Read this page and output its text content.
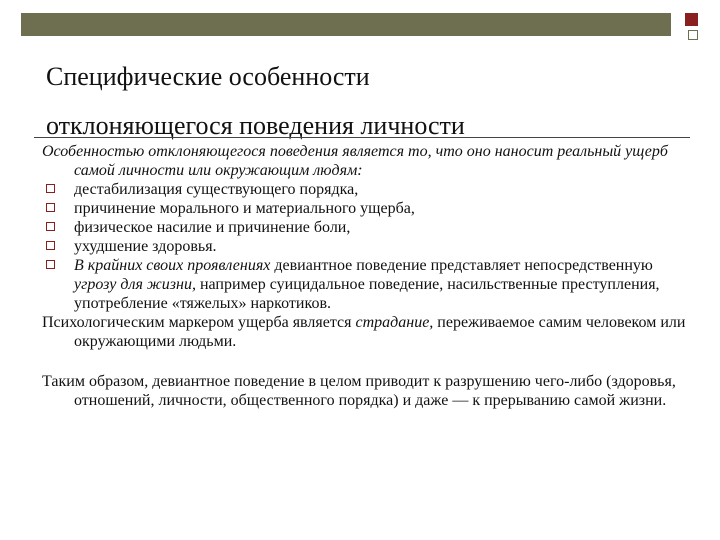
Специфические особенности
отклоняющегося поведения личности

Особенностью отклоняющегося поведения является то, что оно наносит реальный ущерб самой личности или окружающим людям:

дестабилизация существующего порядка,

причинение морального и материального ущерба,

физическое насилие и причинение боли,

ухудшение здоровья.

В крайних своих проявлениях девиантное поведение представляет непосредственную угрозу для жизни, например суицидальное поведение, насильственные преступления, употребление «тяжелых» наркотиков.

Психологическим маркером ущерба является страдание, переживаемое самим человеком или окружающими людьми.

Таким образом, девиантное поведение в целом приводит к разрушению чего-либо (здоровья, отношений, личности, общественного порядка) и даже — к прерыванию самой жизни.
